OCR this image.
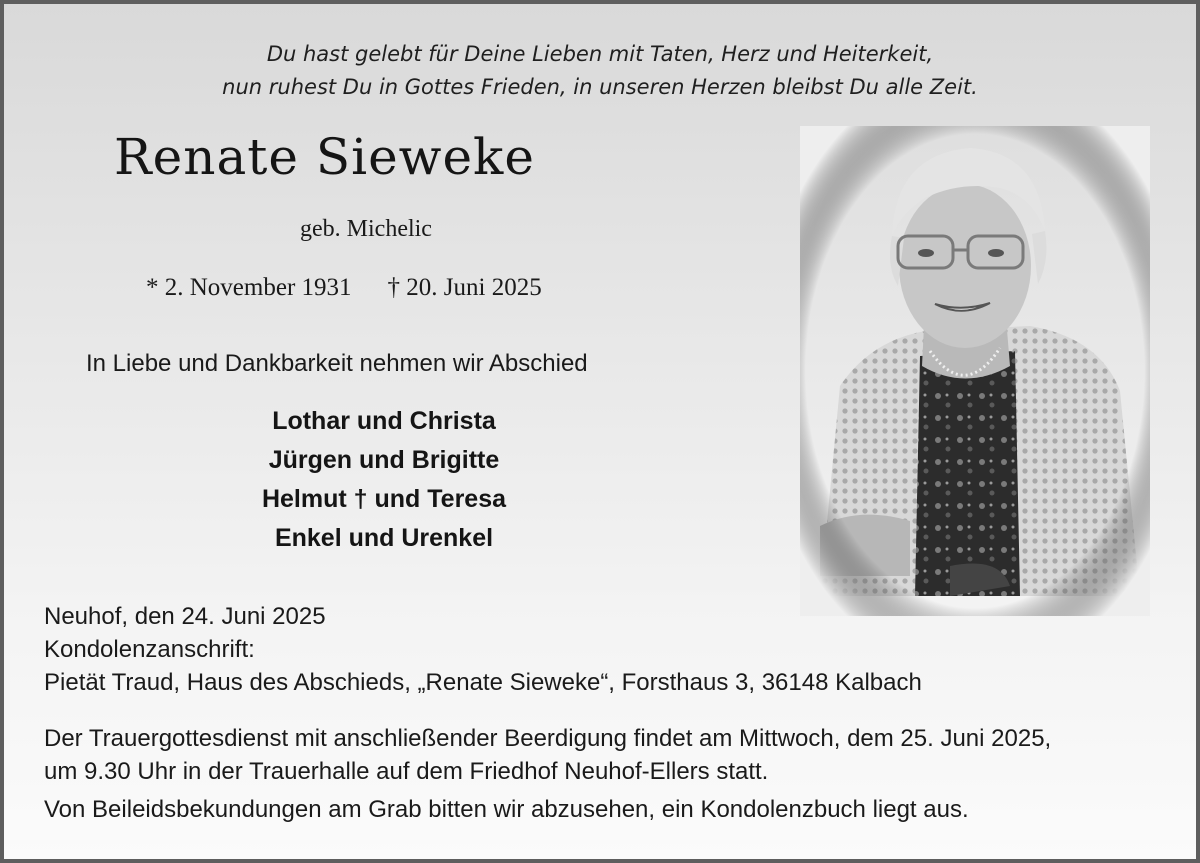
Du hast gelebt für Deine Lieben mit Taten, Herz und Heiterkeit,
nun ruhest Du in Gottes Frieden, in unseren Herzen bleibst Du alle Zeit.
Renate Sieweke
geb. Michelic
* 2. November 1931 † 20. Juni 2025
In Liebe und Dankbarkeit nehmen wir Abschied
Lothar und Christa
Jürgen und Brigitte
Helmut † und Teresa
Enkel und Urenkel
Neuhof, den 24. Juni 2025
Kondolenzanschrift:
Pietät Traud, Haus des Abschieds, „Renate Sieweke“, Forsthaus 3, 36148 Kalbach
Der Trauergottesdienst mit anschließender Beerdigung findet am Mittwoch, dem 25. Juni 2025,
um 9.30 Uhr in der Trauerhalle auf dem Friedhof Neuhof-Ellers statt.
Von Beileidsbekundungen am Grab bitten wir abzusehen, ein Kondolenzbuch liegt aus.
